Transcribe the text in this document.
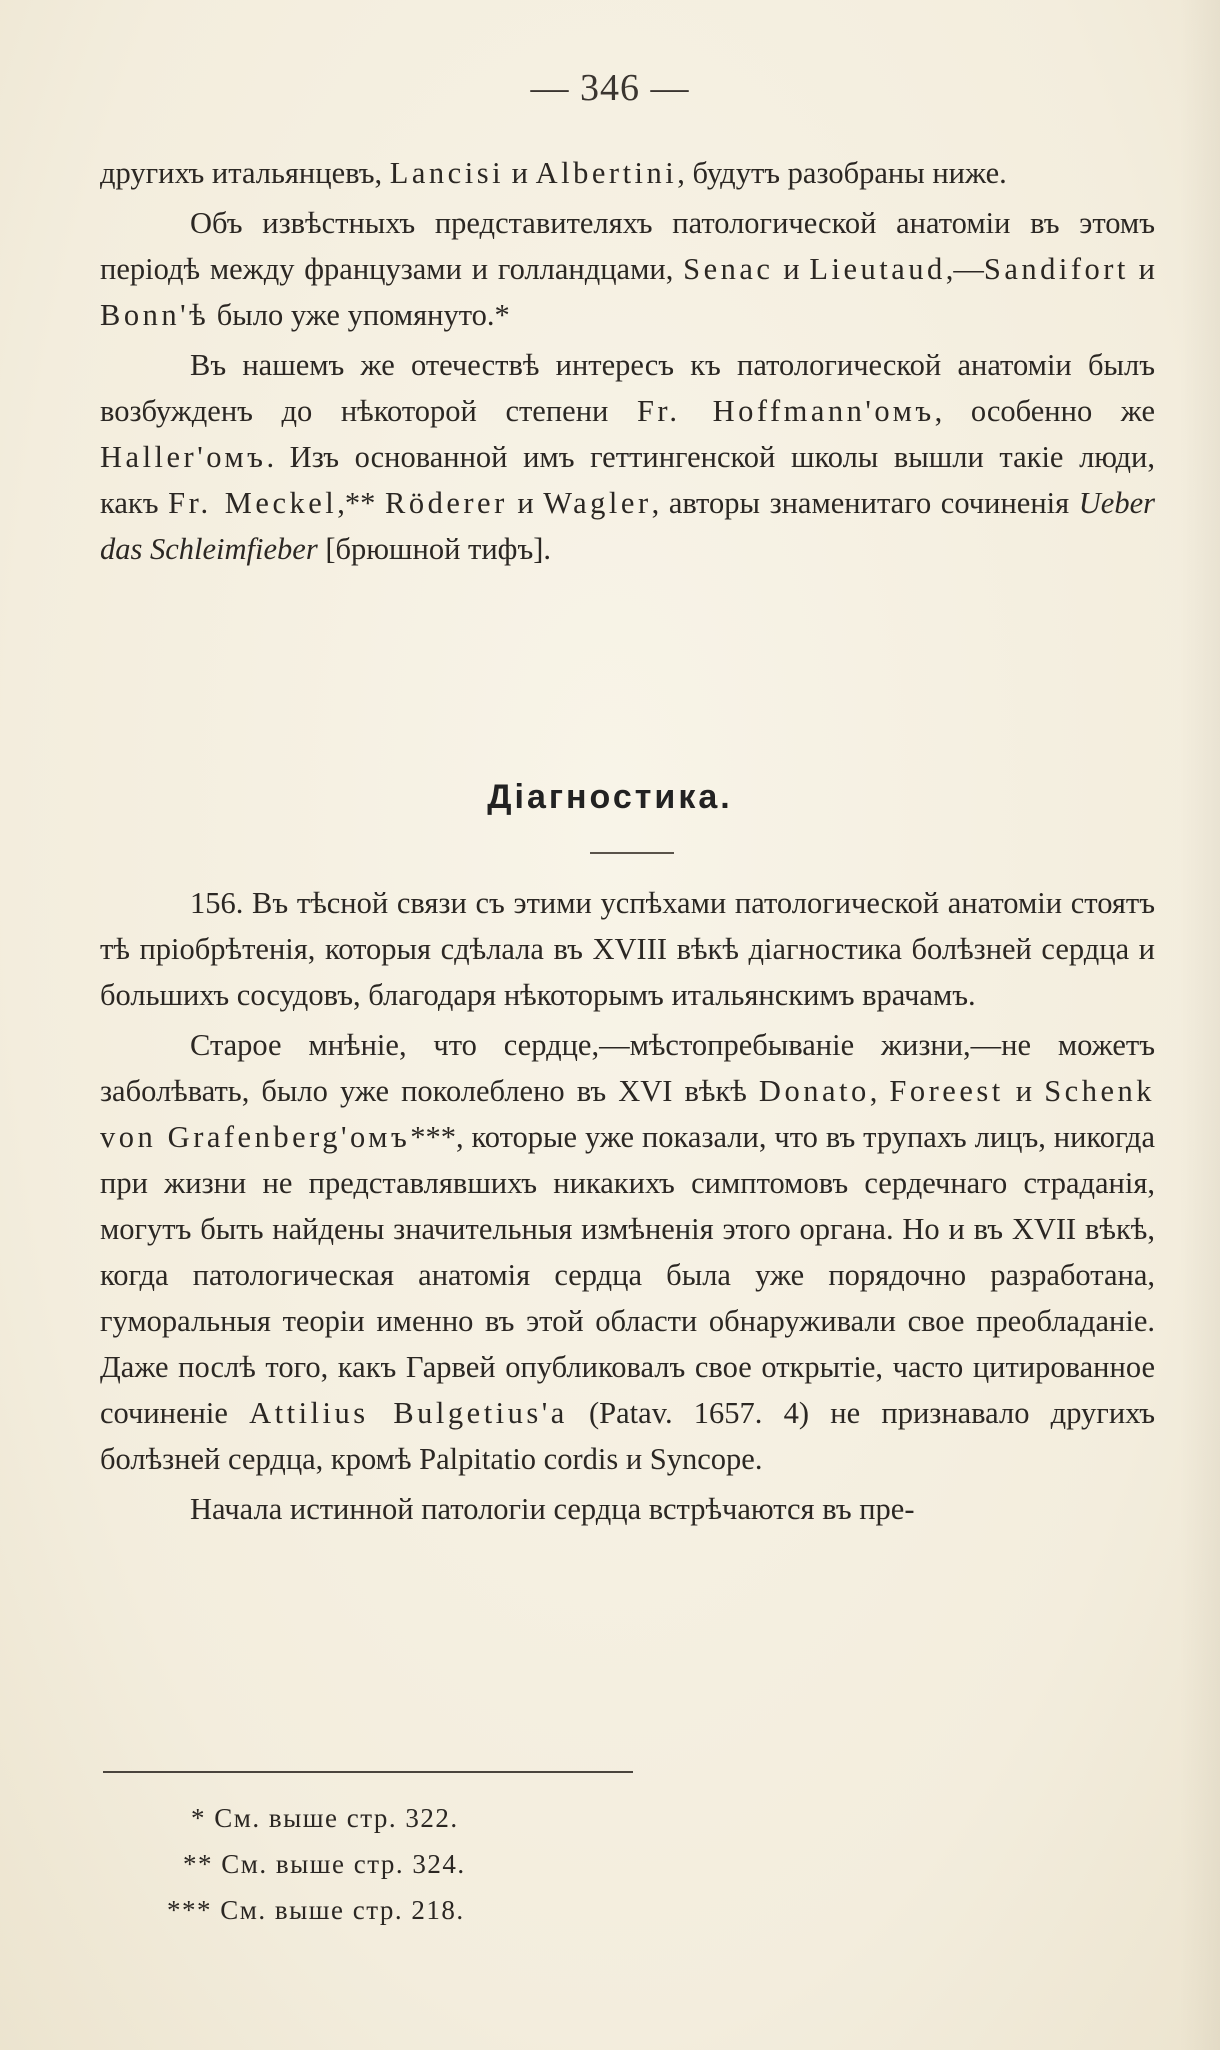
— 346 —

другихъ итальянцевъ, Lancisi и Albertini, будутъ разобраны ниже.

Объ извѣстныхъ представителяхъ патологической анатоміи въ этомъ періодѣ между французами и голландцами, Senac и Lieutaud,—Sandifort и Bonn'ѣ было уже упомянуто.*

Въ нашемъ же отечествѣ интересъ къ патологической анатоміи былъ возбужденъ до нѣкоторой степени Fr. Hoffmann'омъ, особенно же Haller'омъ. Изъ основанной имъ геттингенской школы вышли такіе люди, какъ Fr. Meckel,** Röderer и Wagler, авторы знаменитаго сочиненія Ueber das Schleimfieber [брюшной тифъ].

Діагностика.

156. Въ тѣсной связи съ этими успѣхами патологической анатоміи стоятъ тѣ пріобрѣтенія, которыя сдѣлала въ XVIII вѣкѣ діагностика болѣзней сердца и большихъ сосудовъ, благодаря нѣкоторымъ итальянскимъ врачамъ.

Старое мнѣніе, что сердце,—мѣстопребываніе жизни,—не можетъ заболѣвать, было уже поколеблено въ XVI вѣкѣ Donato, Foreest и Schenk von Grafenberg'омъ***, которые уже показали, что въ трупахъ лицъ, никогда при жизни не представлявшихъ никакихъ симптомовъ сердечнаго страданія, могутъ быть найдены значительныя измѣненія этого органа. Но и въ XVII вѣкѣ, когда патологическая анатомія сердца была уже порядочно разработана, гуморальныя теоріи именно въ этой области обнаруживали свое преобладаніе. Даже послѣ того, какъ Гарвей опубликовалъ свое открытіе, часто цитированное сочиненіе Attilius Bulgetius'а (Patav. 1657. 4) не признавало другихъ болѣзней сердца, кромѣ Palpitatio cordis и Syncope.

Начала истинной патологіи сердца встрѣчаются въ пре-

* См. выше стр. 322.
** См. выше стр. 324.
*** См. выше стр. 218.
